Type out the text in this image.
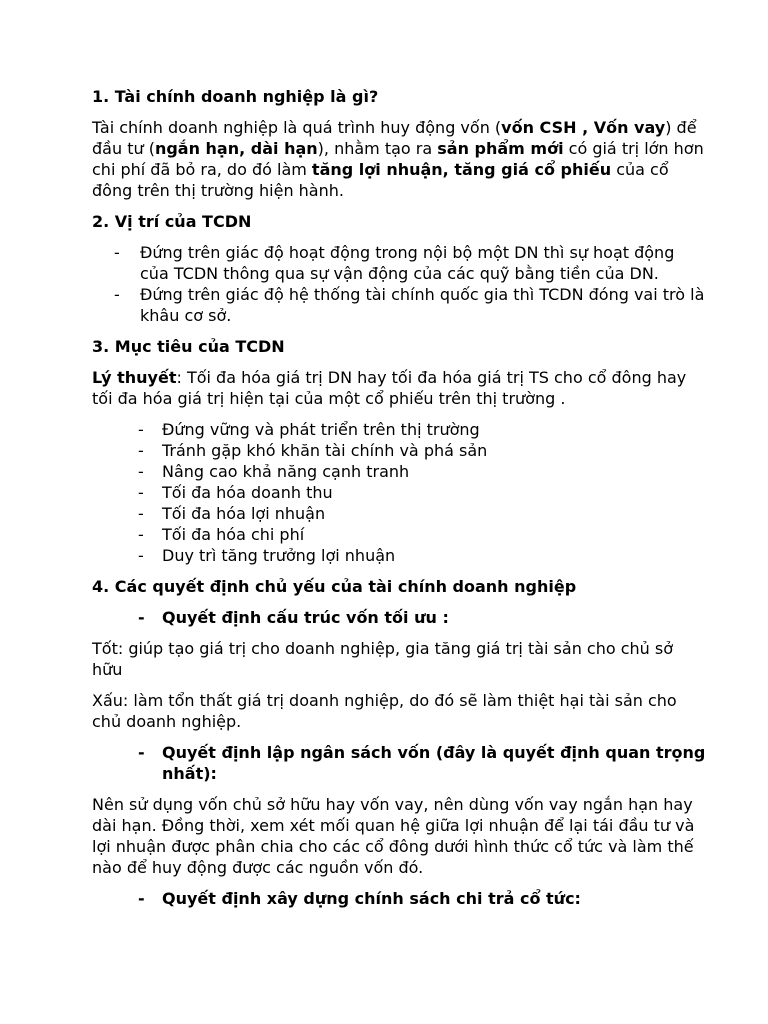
1. Tài chính doanh nghiệp là gì?

Tài chính doanh nghiệp là quá trình huy động vốn (vốn CSH , Vốn vay) để đầu tư (ngắn hạn, dài hạn), nhằm tạo ra sản phẩm mới có giá trị lớn hơn chi phí đã bỏ ra, do đó làm tăng lợi nhuận, tăng giá cổ phiếu của cổ đông trên thị trường hiện hành.

2. Vị trí của TCDN

- Đứng trên giác độ hoạt động trong nội bộ một DN thì sự hoạt động của TCDN thông qua sự vận động của các quỹ bằng tiền của DN.
- Đứng trên giác độ hệ thống tài chính quốc gia thì TCDN đóng vai trò là khâu cơ sở.

3. Mục tiêu của TCDN

Lý thuyết: Tối đa hóa giá trị DN hay tối đa hóa giá trị TS cho cổ đông hay tối đa hóa giá trị hiện tại của một cổ phiếu trên thị trường .

- Đứng vững và phát triển trên thị trường
- Tránh gặp khó khăn tài chính và phá sản
- Nâng cao khả năng cạnh tranh
- Tối đa hóa doanh thu
- Tối đa hóa lợi nhuận
- Tối đa hóa chi phí
- Duy trì tăng trưởng lợi nhuận

4. Các quyết định chủ yếu của tài chính doanh nghiệp

- Quyết định cấu trúc vốn tối ưu :

Tốt: giúp tạo giá trị cho doanh nghiệp, gia tăng giá trị tài sản cho chủ sở hữu

Xấu: làm tổn thất giá trị doanh nghiệp, do đó sẽ làm thiệt hại tài sản cho chủ doanh nghiệp.

- Quyết định lập ngân sách vốn (đây là quyết định quan trọng nhất):

Nên sử dụng vốn chủ sở hữu hay vốn vay, nên dùng vốn vay ngắn hạn hay dài hạn. Đồng thời, xem xét mối quan hệ giữa lợi nhuận để lại tái đầu tư và lợi nhuận được phân chia cho các cổ đông dưới hình thức cổ tức và làm thế nào để huy động được các nguồn vốn đó.

- Quyết định xây dựng chính sách chi trả cổ tức:
